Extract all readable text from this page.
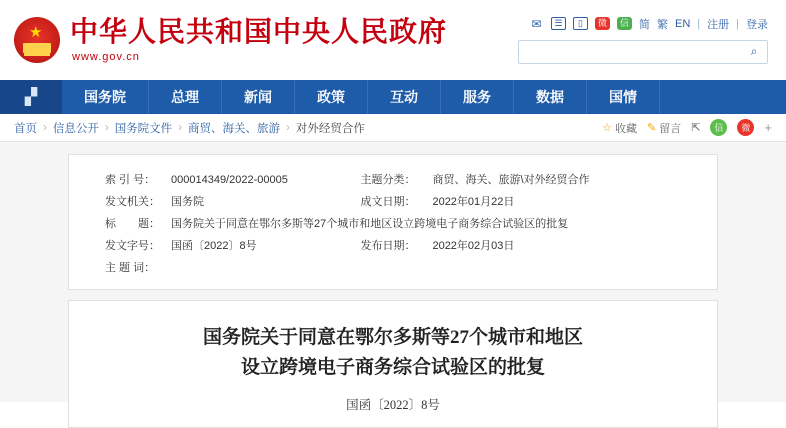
★
中华人民共和国中央人民政府
www.gov.cn
✉	☰	▯	微	信 简 繁 EN | 注册 | 登录
⌕
▞	国务院	总理	新闻	政策	互动	服务	数据	国情
首页 › 信息公开 › 国务院文件 › 商贸、海关、旅游 › 对外经贸合作	☆ 收藏 ✎ 留言 ⇱	信	微	+
索 引 号：	000014349/2022-00005	主题分类：	商贸、海关、旅游\对外经贸合作
发文机关：	国务院	成文日期：	2022年01月22日
标　　题：	国务院关于同意在鄂尔多斯等27个城市和地区设立跨境电子商务综合试验区的批复		
发文字号：	国函〔2022〕8号	发布日期：	2022年02月03日
主 题 词：			
国务院关于同意在鄂尔多斯等27个城市和地区
设立跨境电子商务综合试验区的批复
国函〔2022〕8号
